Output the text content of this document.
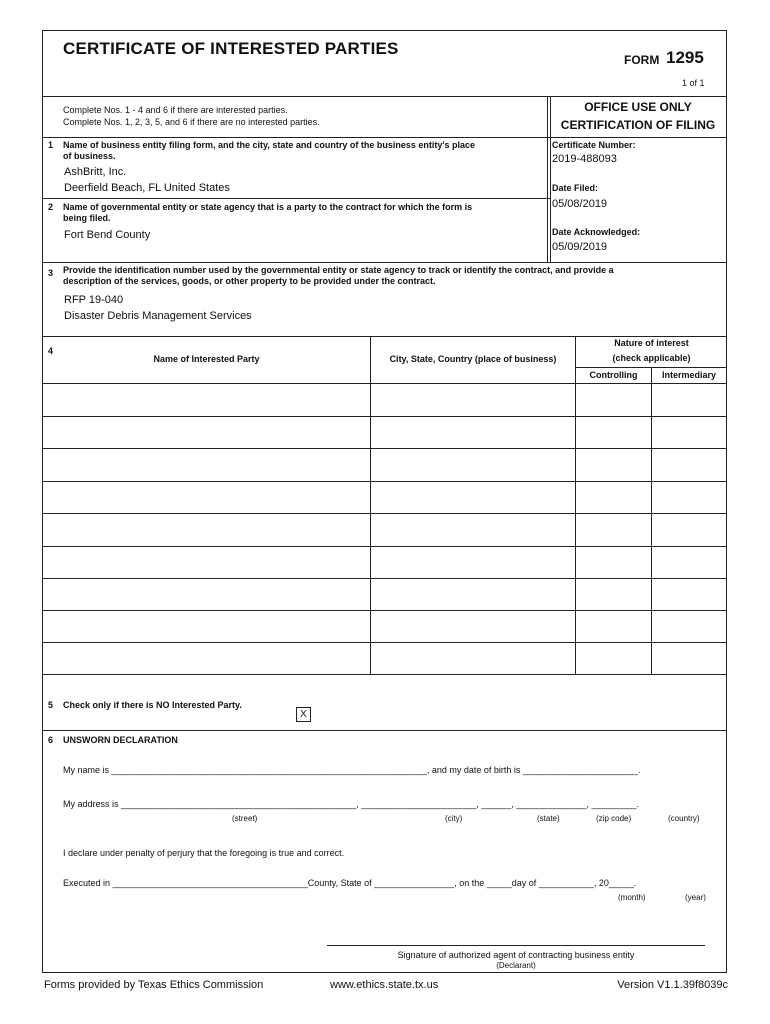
CERTIFICATE OF INTERESTED PARTIES
FORM 1295
1 of 1
Complete Nos. 1 - 4 and 6 if there are interested parties.
Complete Nos. 1, 2, 3, 5, and 6 if there are no interested parties.
OFFICE USE ONLY
CERTIFICATION OF FILING
Certificate Number:
2019-488093
Date Filed:
05/08/2019
Date Acknowledged:
05/09/2019
1 Name of business entity filing form, and the city, state and country of the business entity's place
of business.
AshBritt, Inc.
Deerfield Beach, FL United States
2 Name of governmental entity or state agency that is a party to the contract for which the form is
being filed.
Fort Bend County
3 Provide the identification number used by the governmental entity or state agency to track or identify the contract, and provide a
description of the services, goods, or other property to be provided under the contract.
RFP 19-040
Disaster Debris Management Services
4
Name of Interested Party	City, State, Country (place of business)
Nature of interest
(check applicable)
Controlling	Intermediary
5 Check only if there is NO Interested Party.
X
6 UNSWORN DECLARATION
My name is _______________________________________________________________, and my date of birth is _______________________.
My address is _______________________________________________, _______________________, ______, ______________, _________.
(street)	(city)	(state)	(zip code)	(country)
I declare under penalty of perjury that the foregoing is true and correct.
Executed in _______________________________________County, State of ________________, on the _____day of ___________, 20_____.
(month)	(year)
Signature of authorized agent of contracting business entity
(Declarant)
Forms provided by Texas Ethics Commission	www.ethics.state.tx.us	Version V1.1.39f8039c
